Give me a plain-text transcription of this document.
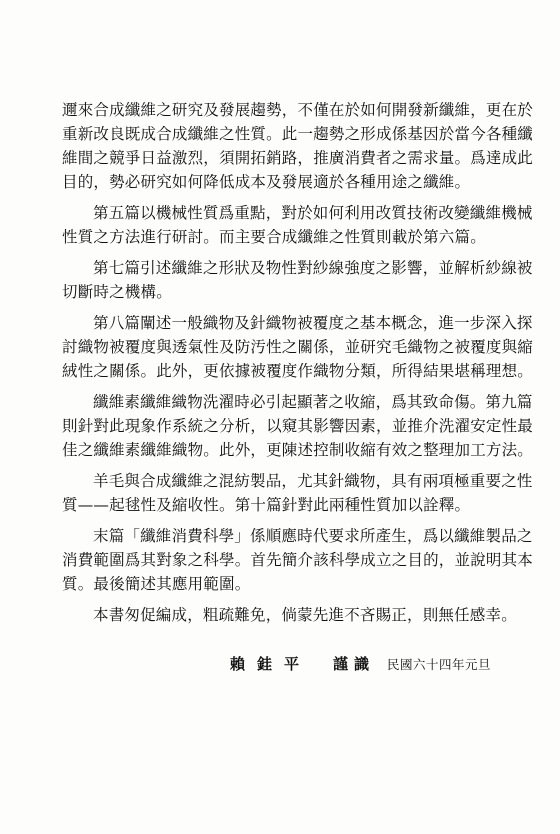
邇來合成纖維之研究及發展趨勢，不僅在於如何開發新纖維，更在於
重新改良既成合成纖維之性質。此一趨勢之形成係基因於當今各種纖
維間之競爭日益激烈，須開拓銷路，推廣消費者之需求量。爲達成此
目的，勢必研究如何降低成本及發展適於各種用途之纖維。
第五篇以機械性質爲重點，對於如何利用改質技術改變纖維機械
性質之方法進行研討。而主要合成纖維之性質則載於第六篇。
第七篇引述纖維之形狀及物性對紗線強度之影響，並解析紗線被
切斷時之機構。
第八篇闡述一般織物及針織物被覆度之基本概念，進一步深入探
討織物被覆度與透氣性及防汚性之關係，並研究毛織物之被覆度與縮
絨性之關係。此外，更依據被覆度作織物分類，所得結果堪稱理想。
纖維素纖維織物洗濯時必引起顯著之收縮，爲其致命傷。第九篇
則針對此現象作系統之分析，以窺其影響因素，並推介洗濯安定性最
佳之纖維素纖維織物。此外，更陳述控制收縮有效之整理加工方法。
羊毛與合成纖維之混紡製品，尤其針織物，具有兩項極重要之性
質——起毬性及縮收性。第十篇針對此兩種性質加以詮釋。
末篇「纖維消費科學」係順應時代要求所產生，爲以纖維製品之
消費範圍爲其對象之科學。首先簡介該科學成立之目的，並說明其本
質。最後簡述其應用範圍。
本書匆促編成，粗疏難免，倘蒙先進不吝賜正，則無任感幸。
賴銈平 謹識 民國六十四年元旦
